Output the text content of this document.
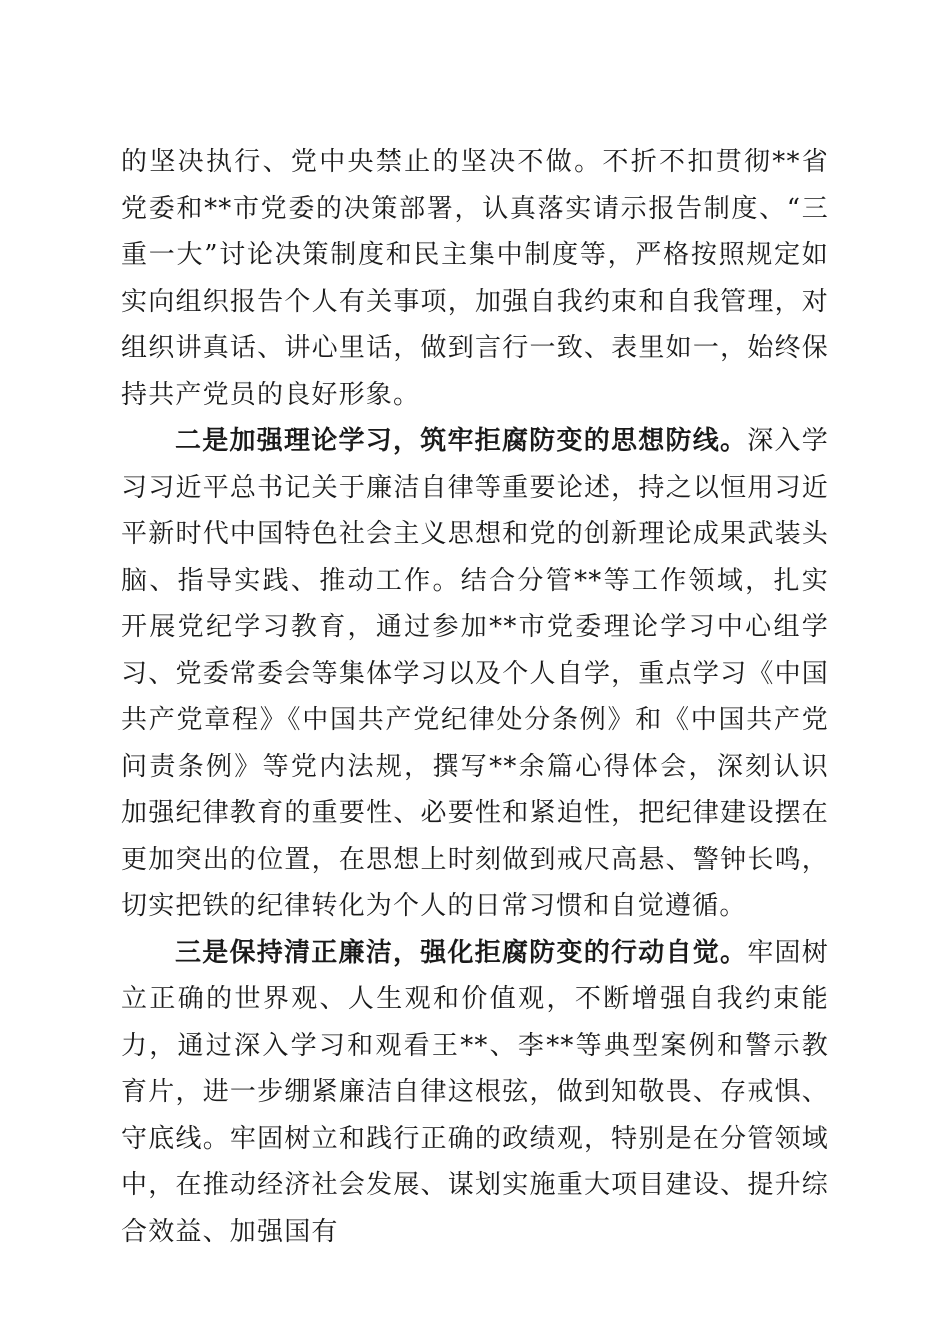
的坚决执行、党中央禁止的坚决不做。不折不扣贯彻**省党委和**市党委的决策部署，认真落实请示报告制度、“三重一大”讨论决策制度和民主集中制度等，严格按照规定如实向组织报告个人有关事项，加强自我约束和自我管理，对组织讲真话、讲心里话，做到言行一致、表里如一，始终保持共产党员的良好形象。

二是加强理论学习，筑牢拒腐防变的思想防线。深入学习习近平总书记关于廉洁自律等重要论述，持之以恒用习近平新时代中国特色社会主义思想和党的创新理论成果武装头脑、指导实践、推动工作。结合分管**等工作领域，扎实开展党纪学习教育，通过参加**市党委理论学习中心组学习、党委常委会等集体学习以及个人自学，重点学习《中国共产党章程》《中国共产党纪律处分条例》和《中国共产党问责条例》等党内法规，撰写**余篇心得体会，深刻认识加强纪律教育的重要性、必要性和紧迫性，把纪律建设摆在更加突出的位置，在思想上时刻做到戒尺高悬、警钟长鸣，切实把铁的纪律转化为个人的日常习惯和自觉遵循。

三是保持清正廉洁，强化拒腐防变的行动自觉。牢固树立正确的世界观、人生观和价值观，不断增强自我约束能力，通过深入学习和观看王**、李**等典型案例和警示教育片，进一步绷紧廉洁自律这根弦，做到知敬畏、存戒惧、守底线。牢固树立和践行正确的政绩观，特别是在分管领域中，在推动经济社会发展、谋划实施重大项目建设、提升综合效益、加强国有
